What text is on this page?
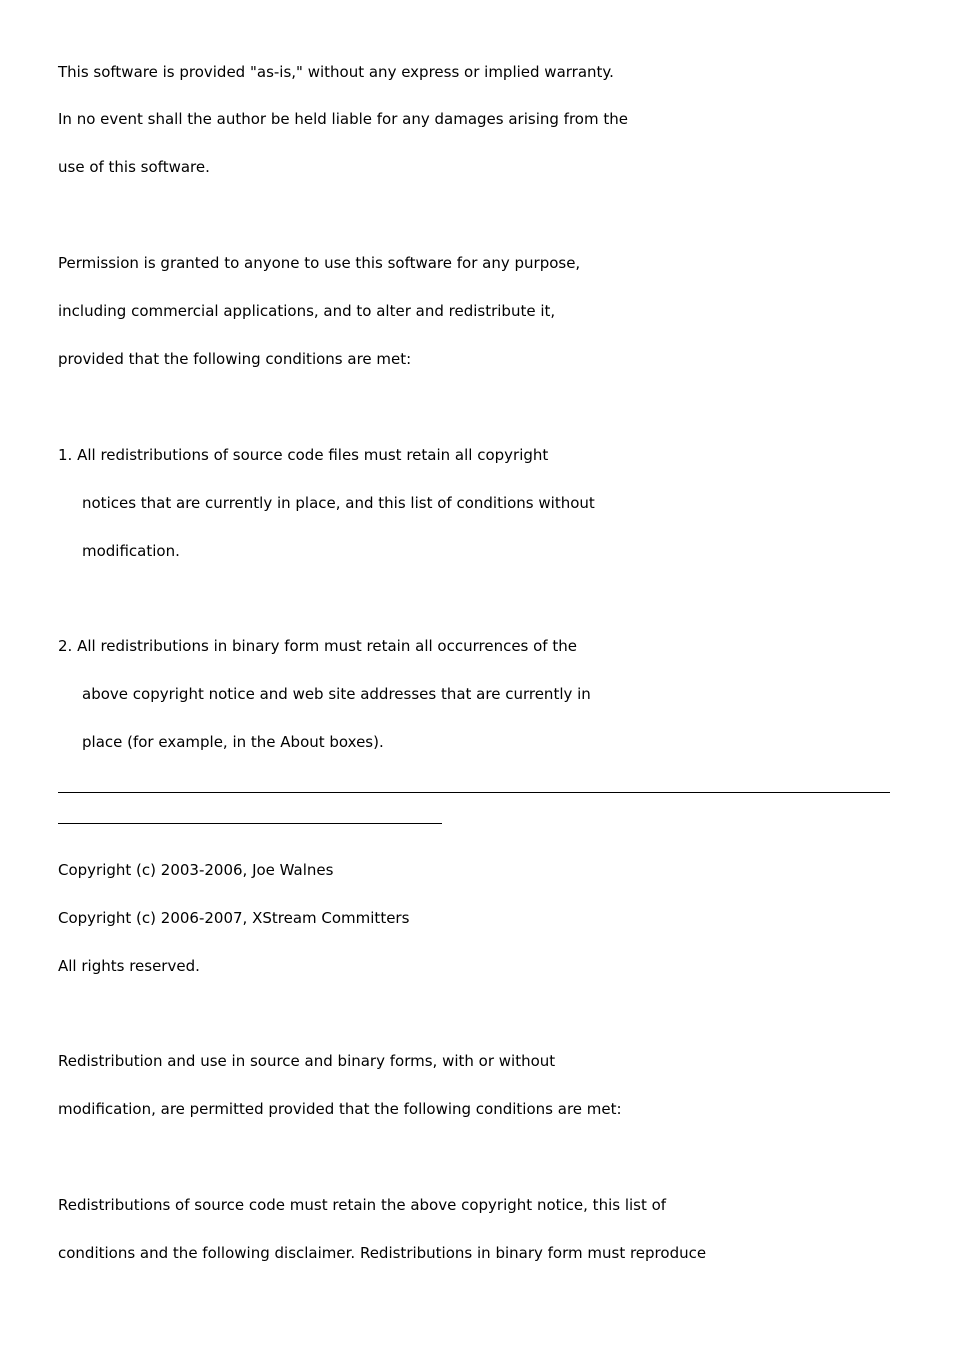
This software is provided "as-is," without any express or implied warranty.
In no event shall the author be held liable for any damages arising from the
use of this software.
Permission is granted to anyone to use this software for any purpose,
including commercial applications, and to alter and redistribute it,
provided that the following conditions are met:
1. All redistributions of source code files must retain all copyright
notices that are currently in place, and this list of conditions without
modification.
2. All redistributions in binary form must retain all occurrences of the
above copyright notice and web site addresses that are currently in
place (for example, in the About boxes).
Copyright (c) 2003-2006, Joe Walnes
Copyright (c) 2006-2007, XStream Committers
All rights reserved.
Redistribution and use in source and binary forms, with or without
modification, are permitted provided that the following conditions are met:
Redistributions of source code must retain the above copyright notice, this list of
conditions and the following disclaimer. Redistributions in binary form must reproduce
